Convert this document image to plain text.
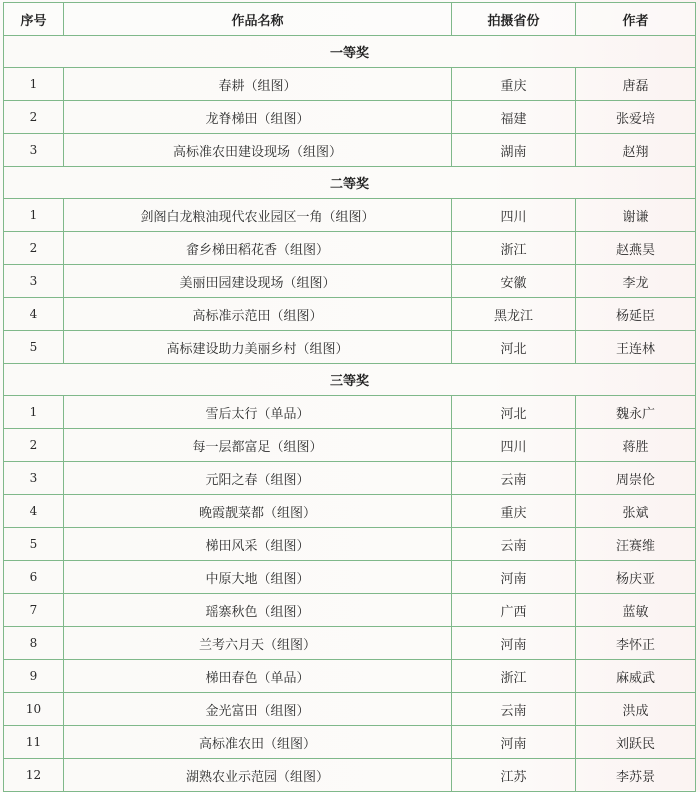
序号	作品名称	拍摄省份	作者
一等奖			
1	春耕（组图）	重庆	唐磊
2	龙脊梯田（组图）	福建	张爱培
3	高标准农田建设现场（组图）	湖南	赵翔
二等奖			
1	剑阁白龙粮油现代农业园区一角（组图）	四川	谢谦
2	畲乡梯田稻花香（组图）	浙江	赵燕昊
3	美丽田园建设现场（组图）	安徽	李龙
4	高标准示范田（组图）	黑龙江	杨延臣
5	高标建设助力美丽乡村（组图）	河北	王连林
三等奖			
1	雪后太行（单品）	河北	魏永广
2	每一层都富足（组图）	四川	蒋胜
3	元阳之春（组图）	云南	周崇伦
4	晚霞靓菜都（组图）	重庆	张斌
5	梯田风采（组图）	云南	汪赛维
6	中原大地（组图）	河南	杨庆亚
7	瑶寨秋色（组图）	广西	蓝敏
8	兰考六月天（组图）	河南	李怀正
9	梯田春色（单品）	浙江	麻威武
10	金光富田（组图）	云南	洪成
11	高标准农田（组图）	河南	刘跃民
12	湖熟农业示范园（组图）	江苏	李苏景
